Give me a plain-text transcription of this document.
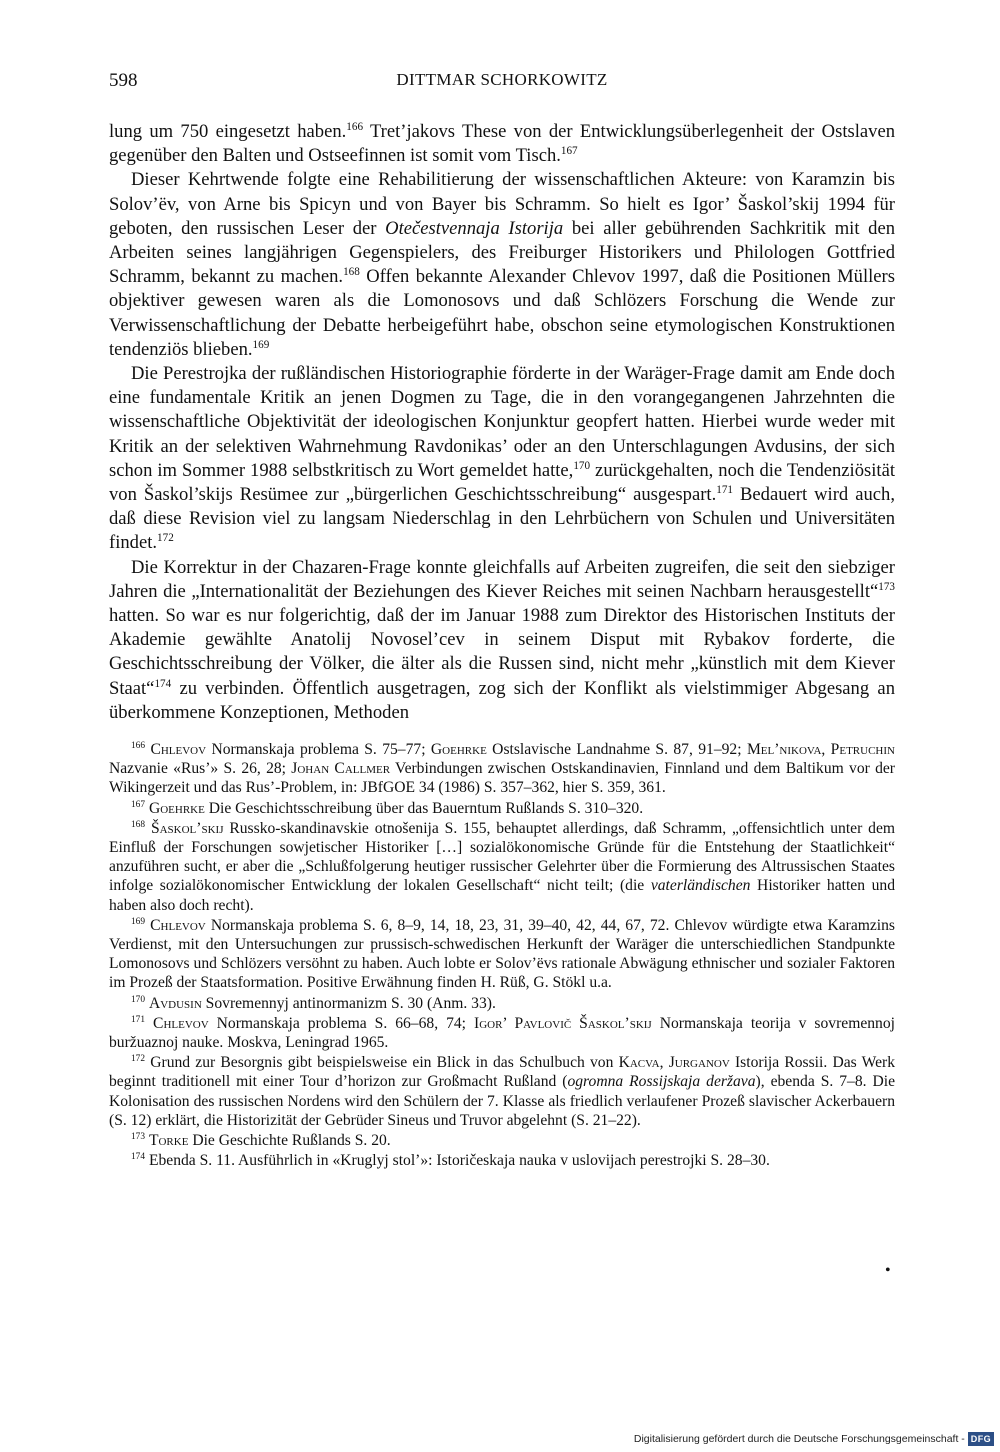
598	DITTMAR SCHORKOWITZ

lung um 750 eingesetzt haben.$^{166}$ Tret’jakovs These von der Entwicklungsüberlegenheit der Ostslaven gegenüber den Balten und Ostseefinnen ist somit vom Tisch.$^{167}$

Dieser Kehrtwende folgte eine Rehabilitierung der wissenschaftlichen Akteure: von Karamzin bis Solov’ëv, von Arne bis Spicyn und von Bayer bis Schramm. So hielt es Igor’ Šaskol’skij 1994 für geboten, den russischen Leser der Otečestvennaja Istorija bei aller gebührenden Sachkritik mit den Arbeiten seines langjährigen Gegenspielers, des Freiburger Historikers und Philologen Gottfried Schramm, bekannt zu machen.$^{168}$ Offen bekannte Alexander Chlevov 1997, daß die Positionen Müllers objektiver gewesen waren als die Lomonosovs und daß Schlözers Forschung die Wende zur Verwissenschaftlichung der Debatte herbeigeführt habe, obschon seine etymologischen Konstruktionen tendenziös blieben.$^{169}$

Die Perestrojka der rußländischen Historiographie förderte in der Waräger-Frage damit am Ende doch eine fundamentale Kritik an jenen Dogmen zu Tage, die in den vorangegangenen Jahrzehnten die wissenschaftliche Objektivität der ideologischen Konjunktur geopfert hatten. Hierbei wurde weder mit Kritik an der selektiven Wahrnehmung Ravdonikas’ oder an den Unterschlagungen Avdusins, der sich schon im Sommer 1988 selbstkritisch zu Wort gemeldet hatte,$^{170}$ zurückgehalten, noch die Tendenziösität von Šaskol’skijs Resümee zur „bürgerlichen Geschichtsschreibung“ ausgespart.$^{171}$ Bedauert wird auch, daß diese Revision viel zu langsam Niederschlag in den Lehrbüchern von Schulen und Universitäten findet.$^{172}$

Die Korrektur in der Chazaren-Frage konnte gleichfalls auf Arbeiten zugreifen, die seit den siebziger Jahren die „Internationalität der Beziehungen des Kiever Reiches mit seinen Nachbarn herausgestellt“$^{173}$ hatten. So war es nur folgerichtig, daß der im Januar 1988 zum Direktor des Historischen Instituts der Akademie gewählte Anatolij Novosel’cev in seinem Disput mit Rybakov forderte, die Geschichtsschreibung der Völker, die älter als die Russen sind, nicht mehr „künstlich mit dem Kiever Staat“$^{174}$ zu verbinden. Öffentlich ausgetragen, zog sich der Konflikt als vielstimmiger Abgesang an überkommene Konzeptionen, Methoden

$^{166}$ Chlevov Normanskaja problema S. 75–77; Goehrke Ostslavische Landnahme S. 87, 91–92; Mel’nikova, Petruchin Nazvanie «Rus’» S. 26, 28; Johan Callmer Verbindungen zwischen Ostskandinavien, Finnland und dem Baltikum vor der Wikingerzeit und das Rus’-Problem, in: JBfGOE 34 (1986) S. 357–362, hier S. 359, 361.

$^{167}$ Goehrke Die Geschichtsschreibung über das Bauerntum Rußlands S. 310–320.

$^{168}$ Šaskol’skij Russko-skandinavskie otnošenija S. 155, behauptet allerdings, daß Schramm, „offensichtlich unter dem Einfluß der Forschungen sowjetischer Historiker […] sozialökonomische Gründe für die Entstehung der Staatlichkeit“ anzuführen sucht, er aber die „Schlußfolgerung heutiger russischer Gelehrter über die Formierung des Altrussischen Staates infolge sozialökonomischer Entwicklung der lokalen Gesellschaft“ nicht teilt; (die vaterländischen Historiker hatten und haben also doch recht).

$^{169}$ Chlevov Normanskaja problema S. 6, 8–9, 14, 18, 23, 31, 39–40, 42, 44, 67, 72. Chlevov würdigte etwa Karamzins Verdienst, mit den Untersuchungen zur prussisch-schwedischen Herkunft der Waräger die unterschiedlichen Standpunkte Lomonosovs und Schlözers versöhnt zu haben. Auch lobte er Solov’ëvs rationale Abwägung ethnischer und sozialer Faktoren im Prozeß der Staatsformation. Positive Erwähnung finden H. Rüß, G. Stökl u.a.

$^{170}$ Avdusin Sovremennyj antinormanizm S. 30 (Anm. 33).

$^{171}$ Chlevov Normanskaja problema S. 66–68, 74; Igor’ Pavlovič Šaskol’skij Normanskaja teorija v sovremennoj buržuaznoj nauke. Moskva, Leningrad 1965.

$^{172}$ Grund zur Besorgnis gibt beispielsweise ein Blick in das Schulbuch von Kacva, Jurganov Istorija Rossii. Das Werk beginnt traditionell mit einer Tour d’horizon zur Großmacht Rußland (ogromna Rossijskaja deržava), ebenda S. 7–8. Die Kolonisation des russischen Nordens wird den Schülern der 7. Klasse als friedlich verlaufener Prozeß slavischer Ackerbauern (S. 12) erklärt, die Historizität der Gebrüder Sineus und Truvor abgelehnt (S. 21–22).

$^{173}$ Torke Die Geschichte Rußlands S. 20.

$^{174}$ Ebenda S. 11. Ausführlich in «Kruglyj stol’»: Istoričeskaja nauka v uslovijach perestrojki S. 28–30.

•
Digitalisierung gefördert durch die Deutsche Forschungsgemeinschaft - DFG
